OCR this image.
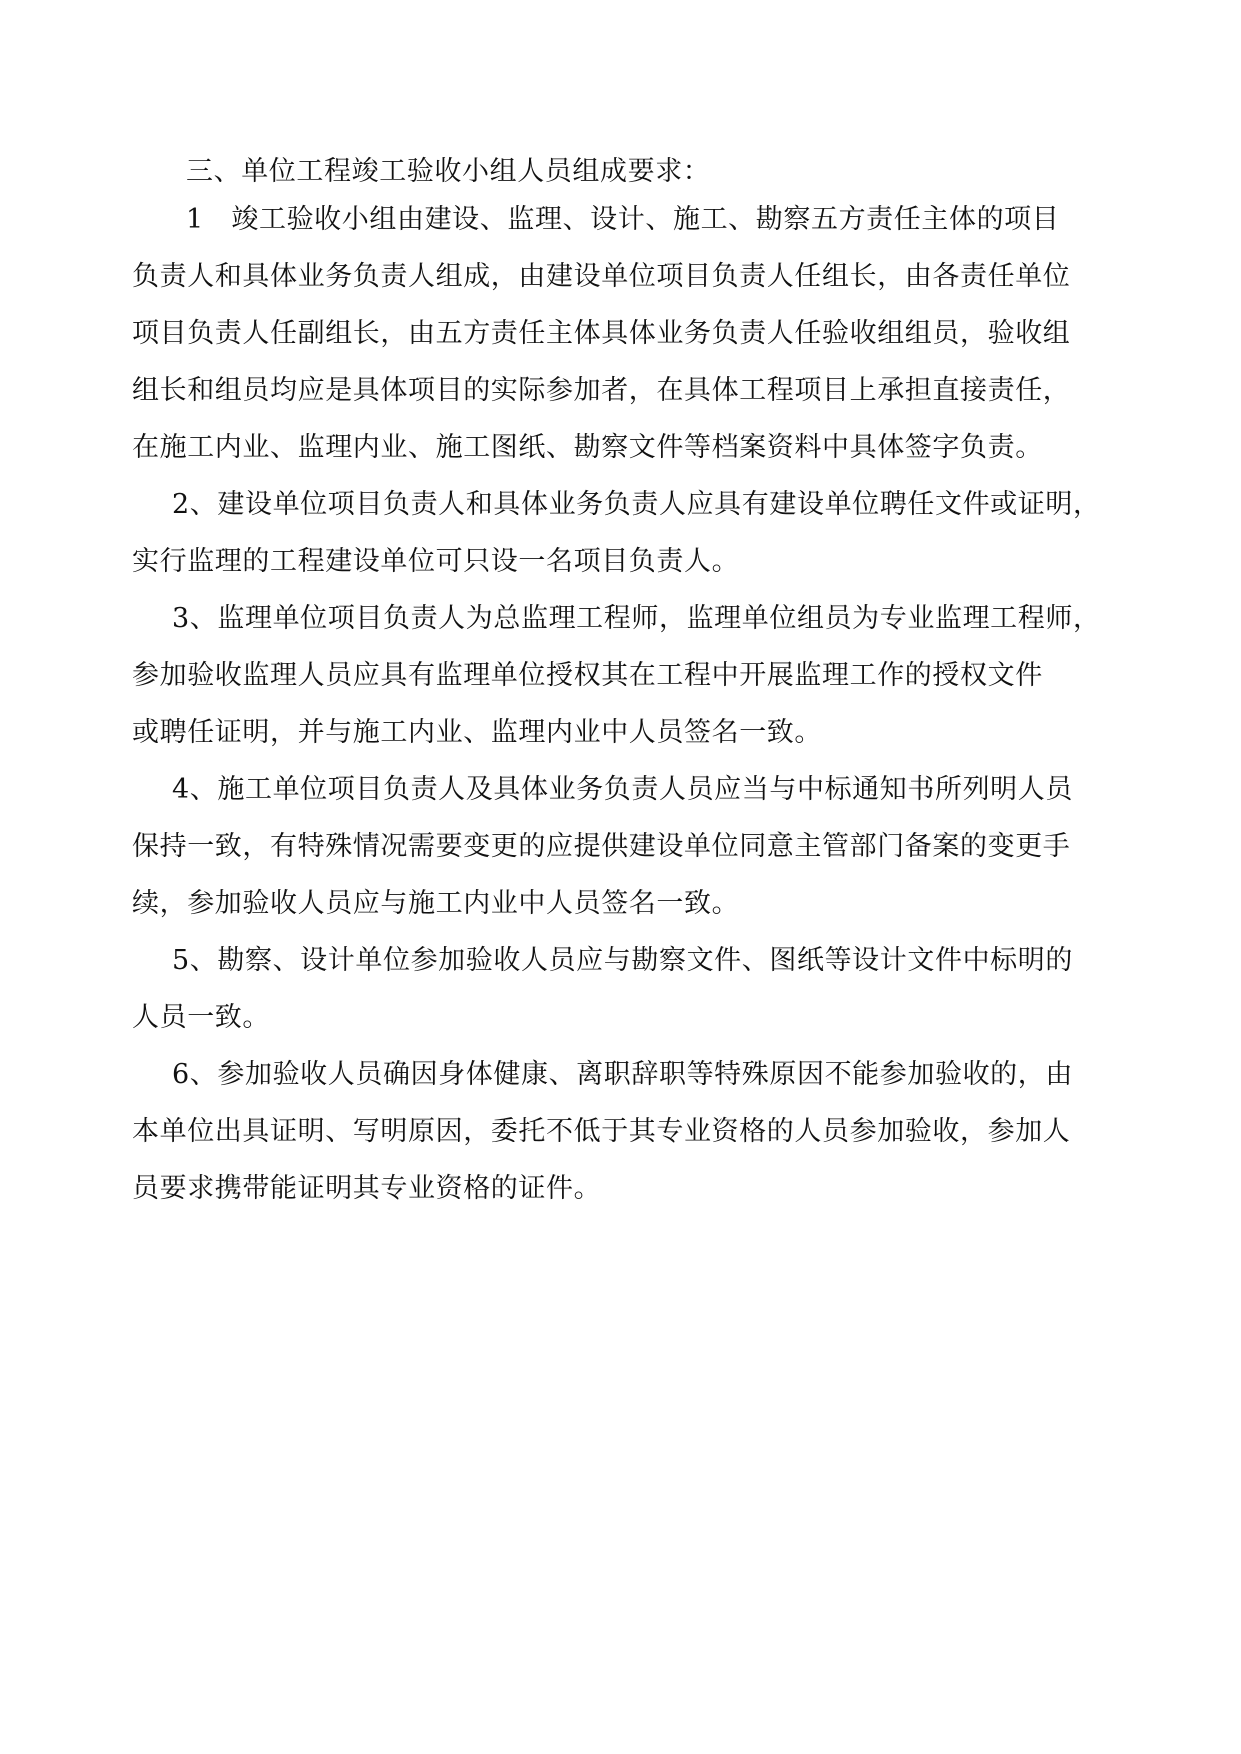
三、单位工程竣工验收小组人员组成要求：
1　竣工验收小组由建设、监理、设计、施工、勘察五方责任主体的项目
负责人和具体业务负责人组成，由建设单位项目负责人任组长，由各责任单位
项目负责人任副组长，由五方责任主体具体业务负责人任验收组组员，验收组
组长和组员均应是具体项目的实际参加者，在具体工程项目上承担直接责任，
在施工内业、监理内业、施工图纸、勘察文件等档案资料中具体签字负责。
2、建设单位项目负责人和具体业务负责人应具有建设单位聘任文件或证明，
实行监理的工程建设单位可只设一名项目负责人。
3、监理单位项目负责人为总监理工程师，监理单位组员为专业监理工程师，
参加验收监理人员应具有监理单位授权其在工程中开展监理工作的授权文件
或聘任证明，并与施工内业、监理内业中人员签名一致。
4、施工单位项目负责人及具体业务负责人员应当与中标通知书所列明人员
保持一致，有特殊情况需要变更的应提供建设单位同意主管部门备案的变更手
续，参加验收人员应与施工内业中人员签名一致。
5、勘察、设计单位参加验收人员应与勘察文件、图纸等设计文件中标明的
人员一致。
6、参加验收人员确因身体健康、离职辞职等特殊原因不能参加验收的，由
本单位出具证明、写明原因，委托不低于其专业资格的人员参加验收，参加人
员要求携带能证明其专业资格的证件。
